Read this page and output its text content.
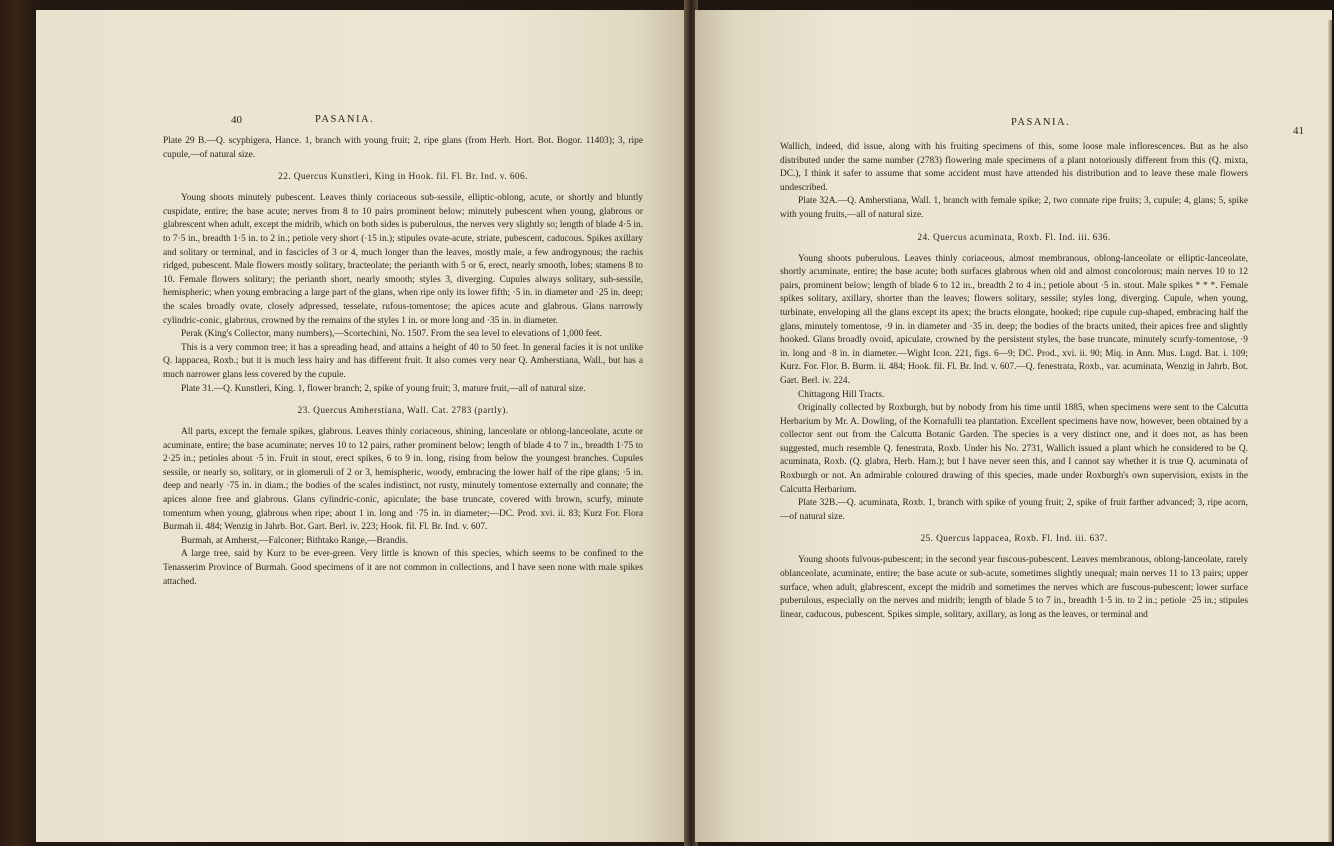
40	PASANIA.

Plate 29 B.—Q. scyphigera, Hance. 1, branch with young fruit; 2, ripe glans (from Herb. Hort. Bot. Bogor. 11403); 3, ripe cupule,—of natural size.

22. Quercus Kunstleri, King in Hook. fil. Fl. Br. Ind. v. 606.

Young shoots minutely pubescent. Leaves thinly coriaceous sub-sessile, elliptic-oblong, acute, or shortly and bluntly cuspidate, entire; the base acute; nerves from 8 to 10 pairs prominent below; minutely pubescent when young, glabrous or glabrescent when adult, except the midrib, which on both sides is puberulous, the nerves very slightly so; length of blade 4·5 in. to 7·5 in., breadth 1·5 in. to 2 in.; petiole very short (·15 in.); stipules ovate-acute, striate, pubescent, caducous. Spikes axillary and solitary or terminal, and in fascicles of 3 or 4, much longer than the leaves, mostly male, a few androgynous; the rachis ridged, pubescent. Male flowers mostly solitary, bracteolate; the perianth with 5 or 6, erect, nearly smooth, lobes; stamens 8 to 10. Female flowers solitary; the perianth short, nearly smooth; styles 3, diverging. Cupules always solitary, sub-sessile, hemispheric; when young embracing a large part of the glans, when ripe only its lower fifth; ·5 in. in diameter and ·25 in. deep; the scales broadly ovate, closely adpressed, tesselate, rufous-tomentose; the apices acute and glabrous. Glans narrowly cylindric-conic, glabrous, crowned by the remains of the styles 1 in. or more long and ·35 in. in diameter.

Perak (King's Collector, many numbers),—Scortechini, No. 1507. From the sea level to elevations of 1,000 feet.

This is a very common tree; it has a spreading head, and attains a height of 40 to 50 feet. In general facies it is not unlike Q. lappacea, Roxb.; but it is much less hairy and has different fruit. It also comes very near Q. Amherstiana, Wall., but has a much narrower glans less covered by the cupule.

Plate 31.—Q. Kunstleri, King. 1, flower branch; 2, spike of young fruit; 3, mature fruit,—all of natural size.

23. Quercus Amherstiana, Wall. Cat. 2783 (partly).

All parts, except the female spikes, glabrous. Leaves thinly coriaceous, shining, lanceolate or oblong-lanceolate, acute or acuminate, entire; the base acuminate; nerves 10 to 12 pairs, rather prominent below; length of blade 4 to 7 in., breadth 1·75 to 2·25 in.; petioles about ·5 in. Fruit in stout, erect spikes, 6 to 9 in. long, rising from below the youngest branches. Cupules sessile, or nearly so, solitary, or in glomeruli of 2 or 3, hemispheric, woody, embracing the lower half of the ripe glans; ·5 in. deep and nearly ·75 in. in diam.; the bodies of the scales indistinct, not rusty, minutely tomentose externally and connate; the apices alone free and glabrous. Glans cylindric-conic, apiculate; the base truncate, covered with brown, scurfy, minute tomentum when young, glabrous when ripe; about 1 in. long and ·75 in. in diameter;—DC. Prod. xvi. ii. 83; Kurz For. Flora Burmah ii. 484; Wenzig in Jahrb. Bot. Gart. Berl. iv. 223; Hook. fil. Fl. Br. Ind. v. 607.

Burmah, at Amherst,—Falconer; Bithtako Range,—Brandis.

A large tree, said by Kurz to be ever-green. Very little is known of this species, which seems to be confined to the Tenasserim Province of Burmah. Good specimens of it are not common in collections, and I have seen none with male spikes attached.

PASANIA.
41

Wallich, indeed, did issue, along with his fruiting specimens of this, some loose male inflorescences. But as he also distributed under the same number (2783) flowering male specimens of a plant notoriously different from this (Q. mixta, DC.), I think it safer to assume that some accident must have attended his distribution and to leave these male flowers undescribed.

Plate 32A.—Q. Amherstiana, Wall. 1, branch with female spike; 2, two connate ripe fruits; 3, cupule; 4, glans; 5, spike with young fruits,—all of natural size.

24. Quercus acuminata, Roxb. Fl. Ind. iii. 636.

Young shoots puberulous. Leaves thinly coriaceous, almost membranous, oblong-lanceolate or elliptic-lanceolate, shortly acuminate, entire; the base acute; both surfaces glabrous when old and almost concolorous; main nerves 10 to 12 pairs, prominent below; length of blade 6 to 12 in., breadth 2 to 4 in.; petiole about ·5 in. stout. Male spikes * * *. Female spikes solitary, axillary, shorter than the leaves; flowers solitary, sessile; styles long, diverging. Cupule, when young, turbinate, enveloping all the glans except its apex; the bracts elongate, hooked; ripe cupule cup-shaped, embracing half the glans, minutely tomentose, ·9 in. in diameter and ·35 in. deep; the bodies of the bracts united, their apices free and slightly hooked. Glans broadly ovoid, apiculate, crowned by the persistent styles, the base truncate, minutely scurfy-tomentose, ·9 in. long and ·8 in. in diameter.—Wight Icon. 221, figs. 6—9; DC. Prod., xvi. ii. 90; Miq. in Ann. Mus. Lugd. Bat. i. 109; Kurz. For. Flor. B. Burm. ii. 484; Hook. fil. Fl. Br. Ind. v. 607.—Q. fenestrata, Roxb., var. acuminata, Wenzig in Jahrb. Bot. Gart. Berl. iv. 224.

Chittagong Hill Tracts.

Originally collected by Roxburgh, but by nobody from his time until 1885, when specimens were sent to the Calcutta Herbarium by Mr. A. Dowling, of the Kornafulli tea plantation. Excellent specimens have now, however, been obtained by a collector sent out from the Calcutta Botanic Garden. The species is a very distinct one, and it does not, as has been suggested, much resemble Q. fenestrata, Roxb. Under his No. 2731, Wallich issued a plant which he considered to be Q. acuminata, Roxb. (Q. glabra, Herb. Ham.); but I have never seen this, and I cannot say whether it is true Q. acuminata of Roxburgh or not. An admirable coloured drawing of this species, made under Roxburgh's own supervision, exists in the Calcutta Herbarium.

Plate 32B.—Q. acuminata, Roxb. 1, branch with spike of young fruit; 2, spike of fruit farther advanced; 3, ripe acorn,—of natural size.

25. Quercus lappacea, Roxb. Fl. Ind. iii. 637.

Young shoots fulvous-pubescent; in the second year fuscous-pubescent. Leaves membranous, oblong-lanceolate, rarely oblanceolate, acuminate, entire; the base acute or sub-acute, sometimes slightly unequal; main nerves 11 to 13 pairs; upper surface, when adult, glabrescent, except the midrib and sometimes the nerves which are fuscous-pubescent; lower surface puberulous, especially on the nerves and midrib; length of blade 5 to 7 in., breadth 1·5 in. to 2 in.; petiole ·25 in.; stipules linear, caducous, pubescent. Spikes simple, solitary, axillary, as long as the leaves, or terminal and
